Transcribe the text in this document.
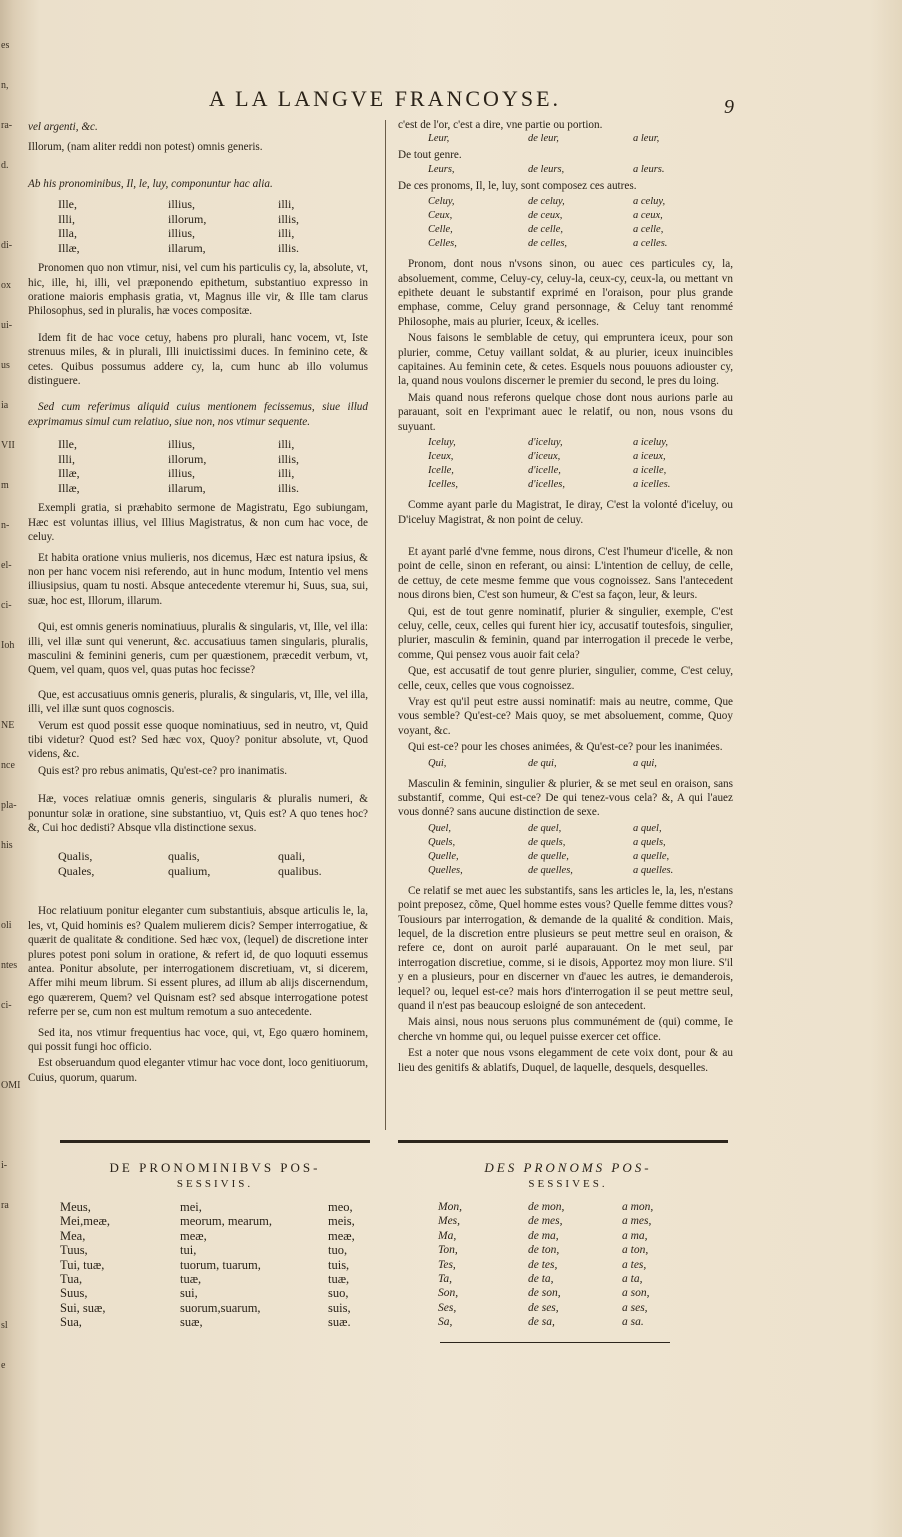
es
n,
ra-
d.
di-
ox
ui-
us
ia
VII
m
n-
el-
ci-
Ioh
NE
nce
pla-
his
oli
ntes
ci-
OMI
i-
ra
sl
e
A LA LANGVE FRANCOYSE.	9

vel argenti, &c.

Illorum, (nam aliter reddi non potest) omnis generis.

Ab his pronominibus, Il, le, luy, componuntur hac alia.

Ille,	illius,	illi,
Illi,	illorum,	illis,
Illa,	illius,	illi,
Illæ,	illarum,	illis.

Pronomen quo non vtimur, nisi, vel cum his particulis cy, la, absolute, vt, hic, ille, hi, illi, vel præponendo epithetum, substantiuo expresso in oratione maioris emphasis gratia, vt, Magnus ille vir, & Ille tam clarus Philosophus, sed in pluralis, hæ voces compositæ.

Idem fit de hac voce cetuy, habens pro plurali, hanc vocem, vt, Iste strenuus miles, & in plurali, Illi inuictissimi duces. In feminino cete, & cetes. Quibus possumus addere cy, la, cum hunc ab illo volumus distinguere.

Sed cum referimus aliquid cuius mentionem fecissemus, siue illud exprimamus simul cum relatiuo, siue non, nos vtimur sequente.

Ille,	illius,	illi,
Illi,	illorum,	illis,
Illæ,	illius,	illi,
Illæ,	illarum,	illis.

Exempli gratia, si præhabito sermone de Magistratu, Ego subiungam, Hæc est voluntas illius, vel Illius Magistratus, & non cum hac voce, de celuy.

Et habita oratione vnius mulieris, nos dicemus, Hæc est natura ipsius, & non per hanc vocem nisi referendo, aut in hunc modum, Intentio vel mens illiusipsius, quam tu nosti. Absque antecedente vteremur hi, Suus, sua, sui, suæ, hoc est, Illorum, illarum.

Qui, est omnis generis nominatiuus, pluralis & singularis, vt, Ille, vel illa: illi, vel illæ sunt qui venerunt, &c. accusatiuus tamen singularis, pluralis, masculini & feminini generis, cum per quæstionem, præcedit verbum, vt, Quem, vel quam, quos vel, quas putas hoc fecisse?

Que, est accusatiuus omnis generis, pluralis, & singularis, vt, Ille, vel illa, illi, vel illæ sunt quos cognoscis.

Verum est quod possit esse quoque nominatiuus, sed in neutro, vt, Quid tibi videtur? Quod est? Sed hæc vox, Quoy? ponitur absolute, vt, Quod videns, &c.

Quis est? pro rebus animatis, Qu'est-ce? pro inanimatis.

Hæ, voces relatiuæ omnis generis, singularis & pluralis numeri, & ponuntur solæ in oratione, sine substantiuo, vt, Quis est? A quo tenes hoc? &, Cui hoc dedisti? Absque vlla distinctione sexus.

Qualis,	qualis,	quali,
Quales,	qualium,	qualibus.

Hoc relatiuum ponitur eleganter cum substantiuis, absque articulis le, la, les, vt, Quid hominis es? Qualem mulierem dicis? Semper interrogatiue, & quærit de qualitate & conditione. Sed hæc vox, (lequel) de discretione inter plures potest poni solum in oratione, & refert id, de quo loquuti essemus antea. Ponitur absolute, per interrogationem discretiuam, vt, si dicerem, Affer mihi meum librum. Si essent plures, ad illum ab alijs discernendum, ego quærerem, Quem? vel Quisnam est? sed absque interrogatione potest referre per se, cum non est multum remotum a suo antecedente.

Sed ita, nos vtimur frequentius hac voce, qui, vt, Ego quæro hominem, qui possit fungi hoc officio.

Est obseruandum quod eleganter vtimur hac voce dont, loco genitiuorum, Cuius, quorum, quarum.

c'est de l'or, c'est a dire, vne partie ou portion.

Leur,	de leur,	a leur,

De tout genre.

Leurs,	de leurs,	a leurs.

De ces pronoms, Il, le, luy, sont composez ces autres.

Celuy,	de celuy,	a celuy,
Ceux,	de ceux,	a ceux,
Celle,	de celle,	a celle,
Celles,	de celles,	a celles.

Pronom, dont nous n'vsons sinon, ou auec ces particules cy, la, absoluement, comme, Celuy-cy, celuy-la, ceux-cy, ceux-la, ou mettant vn epithete deuant le substantif exprimé en l'oraison, pour plus grande emphase, comme, Celuy grand personnage, & Celuy tant renommé Philosophe, mais au plurier, Iceux, & icelles.

Nous faisons le semblable de cetuy, qui empruntera iceux, pour son plurier, comme, Cetuy vaillant soldat, & au plurier, iceux inuincibles capitaines. Au feminin cete, & cetes. Esquels nous pouuons adiouster cy, la, quand nous voulons discerner le premier du second, le pres du loing.

Mais quand nous referons quelque chose dont nous aurions parle au parauant, soit en l'exprimant auec le relatif, ou non, nous vsons du suyuant.

Iceluy,	d'iceluy,	a iceluy,
Iceux,	d'iceux,	a iceux,
Icelle,	d'icelle,	a icelle,
Icelles,	d'icelles,	a icelles.

Comme ayant parle du Magistrat, Ie diray, C'est la volonté d'iceluy, ou D'iceluy Magistrat, & non point de celuy.

Et ayant parlé d'vne femme, nous dirons, C'est l'humeur d'icelle, & non point de celle, sinon en referant, ou ainsi: L'intention de celluy, de celle, de cettuy, de cete mesme femme que vous cognoissez. Sans l'antecedent nous dirons bien, C'est son humeur, & C'est sa façon, leur, & leurs.

Qui, est de tout genre nominatif, plurier & singulier, exemple, C'est celuy, celle, ceux, celles qui furent hier icy, accusatif toutesfois, singulier, plurier, masculin & feminin, quand par interrogation il precede le verbe, comme, Qui pensez vous auoir fait cela?

Que, est accusatif de tout genre plurier, singulier, comme, C'est celuy, celle, ceux, celles que vous cognoissez.

Vray est qu'il peut estre aussi nominatif: mais au neutre, comme, Que vous semble? Qu'est-ce? Mais quoy, se met absoluement, comme, Quoy voyant, &c.

Qui est-ce? pour les choses animées, & Qu'est-ce? pour les inanimées.

Qui,	de qui,	a qui,

Masculin & feminin, singulier & plurier, & se met seul en oraison, sans substantif, comme, Qui est-ce? De qui tenez-vous cela? &, A qui l'auez vous donné? sans aucune distinction de sexe.

Quel,	de quel,	a quel,
Quels,	de quels,	a quels,
Quelle,	de quelle,	a quelle,
Quelles,	de quelles,	a quelles.

Ce relatif se met auec les substantifs, sans les articles le, la, les, n'estans point preposez, cõme, Quel homme estes vous? Quelle femme dittes vous? Tousiours par interrogation, & demande de la qualité & condition. Mais, lequel, de la discretion entre plusieurs se peut mettre seul en oraison, & refere ce, dont on auroit parlé auparauant. On le met seul, par interrogation discretiue, comme, si ie disois, Apportez moy mon liure. S'il y en a plusieurs, pour en discerner vn d'auec les autres, ie demanderois, lequel? ou, lequel est-ce? mais hors d'interrogation il se peut mettre seul, quand il n'est pas beaucoup esloigné de son antecedent.

Mais ainsi, nous nous seruons plus communément de (qui) comme, Ie cherche vn homme qui, ou lequel puisse exercer cet office.

Est a noter que nous vsons elegamment de cete voix dont, pour & au lieu des genitifs & ablatifs, Duquel, de laquelle, desquels, desquelles.

DE PRONOMINIBVS POS-
SESSIVIS.
DES PRONOMS POS-
SESSIVES.
Meus,	mei,	meo,
Mei,meæ,	meorum, mearum,	meis,
Mea,	meæ,	meæ,
Tuus,	tui,	tuo,
Tui, tuæ,	tuorum, tuarum,	tuis,
Tua,	tuæ,	tuæ,
Suus,	sui,	suo,
Sui, suæ,	suorum,suarum,	suis,
Sua,	suæ,	suæ.
Mon,	de mon,	a mon,
Mes,	de mes,	a mes,
Ma,	de ma,	a ma,
Ton,	de ton,	a ton,
Tes,	de tes,	a tes,
Ta,	de ta,	a ta,
Son,	de son,	a son,
Ses,	de ses,	a ses,
Sa,	de sa,	a sa.
